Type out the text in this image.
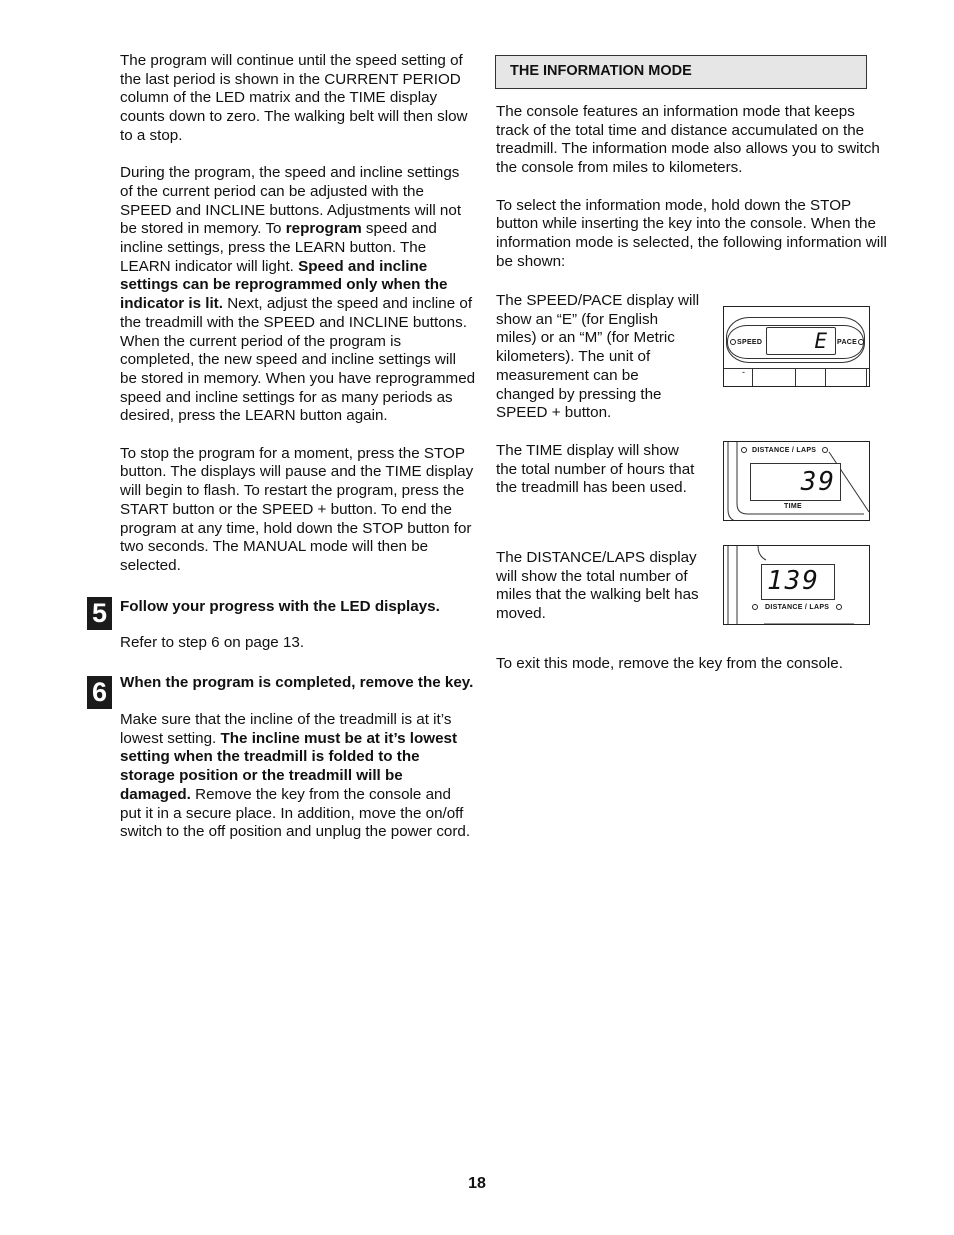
The program will continue until the speed setting of the last period is shown in the CURRENT PERIOD column of the LED matrix and the TIME display counts down to zero. The walking belt will then slow to a stop.

During the program, the speed and incline settings of the current period can be adjusted with the SPEED and INCLINE buttons. Adjustments will not be stored in memory. To reprogram speed and incline settings, press the LEARN button. The LEARN indicator will light. Speed and incline settings can be reprogrammed only when the indicator is lit. Next, adjust the speed and incline of the treadmill with the SPEED and INCLINE buttons. When the current period of the program is completed, the new speed and incline settings will be stored in memory. When you have reprogrammed speed and incline settings for as many periods as desired, press the LEARN button again.

To stop the program for a moment, press the STOP button. The displays will pause and the TIME display will begin to flash. To restart the program, press the START button or the SPEED + button. To end the program at any time, hold down the STOP button for two seconds. The MANUAL mode will then be selected.

5 Follow your progress with the LED displays.
Refer to step 6 on page 13.
6 When the program is completed, remove the key.

Make sure that the incline of the treadmill is at it’s lowest setting. The incline must be at it’s lowest setting when the treadmill is folded to the storage position or the treadmill will be damaged. Remove the key from the console and put it in a secure place. In addition, move the on/off switch to the off position and unplug the power cord.

THE INFORMATION MODE

The console features an information mode that keeps track of the total time and distance accumulated on the treadmill. The information mode also allows you to switch the console from miles to kilometers.

To select the information mode, hold down the STOP button while inserting the key into the console. When the information mode is selected, the following information will be shown:

The SPEED/PACE display will show an “E” (for English miles) or an “M” (for Metric kilometers). The unit of measurement can be changed by pressing the SPEED + button.
The TIME display will show the total number of hours that the treadmill has been used.
The DISTANCE/LAPS display will show the total number of miles that the walking belt has moved.
To exit this mode, remove the key from the console.
SPEED E PACE
-
DISTANCE / LAPS
39
TIME
139
DISTANCE / LAPS
18
